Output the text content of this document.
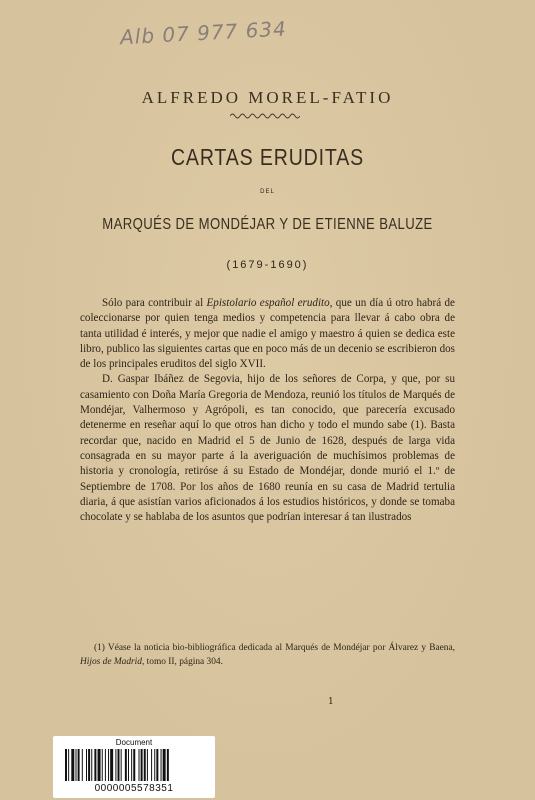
Alb 07 977 634
ALFREDO MOREL-FATIO
CARTAS ERUDITAS
DEL
MARQUÉS DE MONDÉJAR Y DE ETIENNE BALUZE
(1679-1690)

Sólo para contribuir al Epistolario español erudito, que un día ú otro habrá de coleccionarse por quien tenga medios y competencia para llevar á cabo obra de tanta utilidad é interés, y mejor que nadie el amigo y maestro á quien se dedica este libro, publico las siguientes cartas que en poco más de un decenio se escribieron dos de los principales eruditos del siglo XVII.

D. Gaspar Ibáñez de Segovia, hijo de los señores de Corpa, y que, por su casamiento con Doña María Gregoria de Mendoza, reunió los títulos de Marqués de Mondéjar, Valhermoso y Agrópoli, es tan conocido, que parecería excusado detenerme en reseñar aquí lo que otros han dicho y todo el mundo sabe (1). Basta recordar que, nacido en Madrid el 5 de Junio de 1628, después de larga vida consagrada en su mayor parte á la averiguación de muchísimos problemas de historia y cronología, retiróse á su Estado de Mondéjar, donde murió el 1.º de Septiembre de 1708. Por los años de 1680 reunía en su casa de Madrid tertulia diaria, á que asistían varios aficionados á los estudios históricos, y donde se tomaba chocolate y se hablaba de los asuntos que podrían interesar á tan ilustrados

(1) Véase la noticia bio-bibliográfica dedicada al Marqués de Mondéjar por Álvarez y Baena, Hijos de Madrid, tomo II, página 304.

1
Document
0000005578351
